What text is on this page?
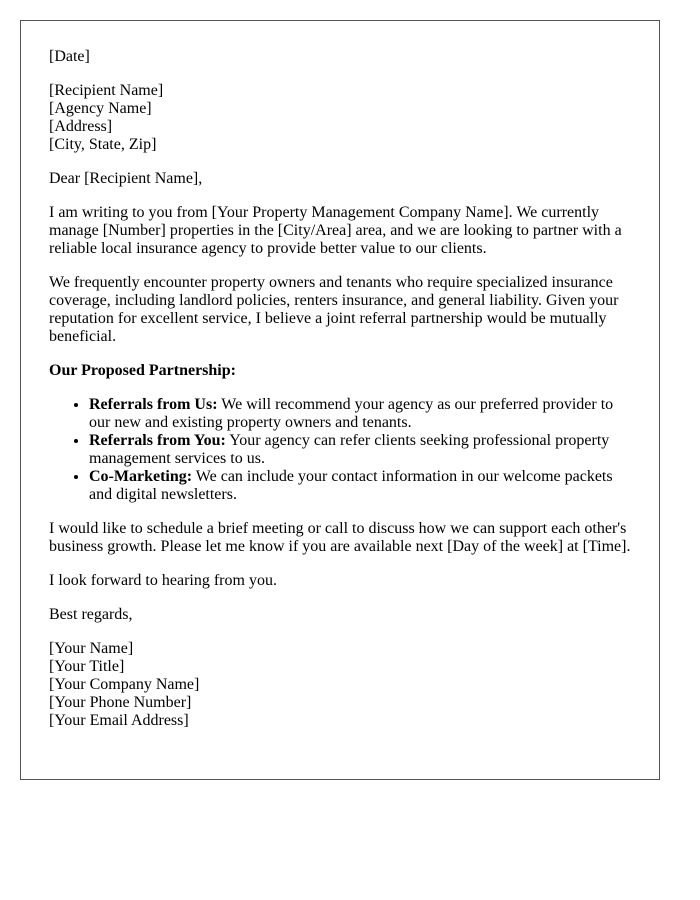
[Date]

[Recipient Name]
[Agency Name]
[Address]
[City, State, Zip]

Dear [Recipient Name],

I am writing to you from [Your Property Management Company Name]. We currently manage [Number] properties in the [City/Area] area, and we are looking to partner with a reliable local insurance agency to provide better value to our clients.

We frequently encounter property owners and tenants who require specialized insurance coverage, including landlord policies, renters insurance, and general liability. Given your reputation for excellent service, I believe a joint referral partnership would be mutually beneficial.

Our Proposed Partnership:
• Referrals from Us: We will recommend your agency as our preferred provider to our new and existing property owners and tenants.
• Referrals from You: Your agency can refer clients seeking professional property management services to us.
• Co-Marketing: We can include your contact information in our welcome packets and digital newsletters.

I would like to schedule a brief meeting or call to discuss how we can support each other's business growth. Please let me know if you are available next [Day of the week] at [Time].

I look forward to hearing from you.

Best regards,

[Your Name]
[Your Title]
[Your Company Name]
[Your Phone Number]
[Your Email Address]
